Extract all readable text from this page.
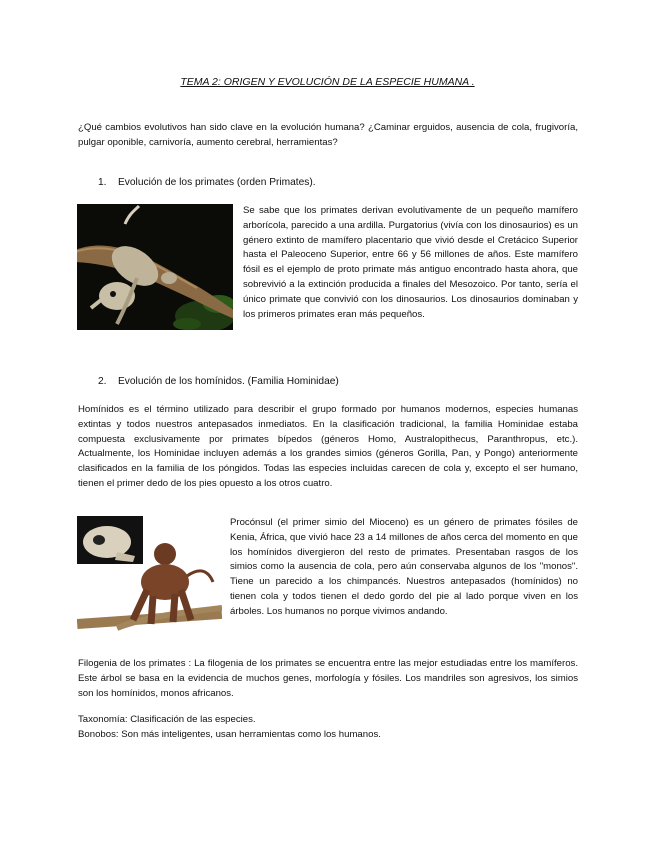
TEMA 2: ORIGEN Y EVOLUCIÓN DE LA ESPECIE HUMANA .
¿Qué cambios evolutivos han sido clave en la evolución humana? ¿Caminar erguidos, ausencia de cola, frugivoría, pulgar oponible, carnivoría, aumento cerebral, herramientas?
1. Evolución de los primates (orden Primates).
Se sabe que los primates derivan evolutivamente de un pequeño mamífero arborícola, parecido a una ardilla. Purgatorius (vivía con los dinosaurios) es un género extinto de mamífero placentario que vivió desde el Cretácico Superior hasta el Paleoceno Superior, entre 66 y 56 millones de años. Este mamífero fósil es el ejemplo de proto primate más antiguo encontrado hasta ahora, que sobrevivió a la extinción producida a finales del Mesozoico. Por tanto, sería el único primate que convivió con los dinosaurios. Los dinosaurios dominaban y los primeros primates eran más pequeños.
2. Evolución de los homínidos. (Familia Hominidae)
Homínidos es el término utilizado para describir el grupo formado por humanos modernos, especies humanas extintas y todos nuestros antepasados inmediatos. En la clasificación tradicional, la familia Hominidae estaba compuesta exclusivamente por primates bípedos (géneros Homo, Australopithecus, Paranthropus, etc.). Actualmente, los Hominidae incluyen además a los grandes simios (géneros Gorilla, Pan, y Pongo) anteriormente clasificados en la familia de los póngidos. Todas las especies incluidas carecen de cola y, excepto el ser humano, tienen el primer dedo de los pies opuesto a los otros cuatro.
Procónsul (el primer simio del Mioceno) es un género de primates fósiles de Kenia, África, que vivió hace 23 a 14 millones de años cerca del momento en que los homínidos divergieron del resto de primates. Presentaban rasgos de los simios como la ausencia de cola, pero aún conservaba algunos de los "monos". Tiene un parecido a los chimpancés. Nuestros antepasados (homínidos) no tienen cola y todos tienen el dedo gordo del pie al lado porque viven en los árboles. Los humanos no porque vivimos andando.
Filogenia de los primates : La filogenia de los primates se encuentra entre las mejor estudiadas entre los mamíferos. Este árbol se basa en la evidencia de muchos genes, morfología y fósiles. Los mandriles son agresivos, los simios son los homínidos, monos africanos.
Taxonomía: Clasificación de las especies.
Bonobos: Son más inteligentes, usan herramientas como los humanos.
